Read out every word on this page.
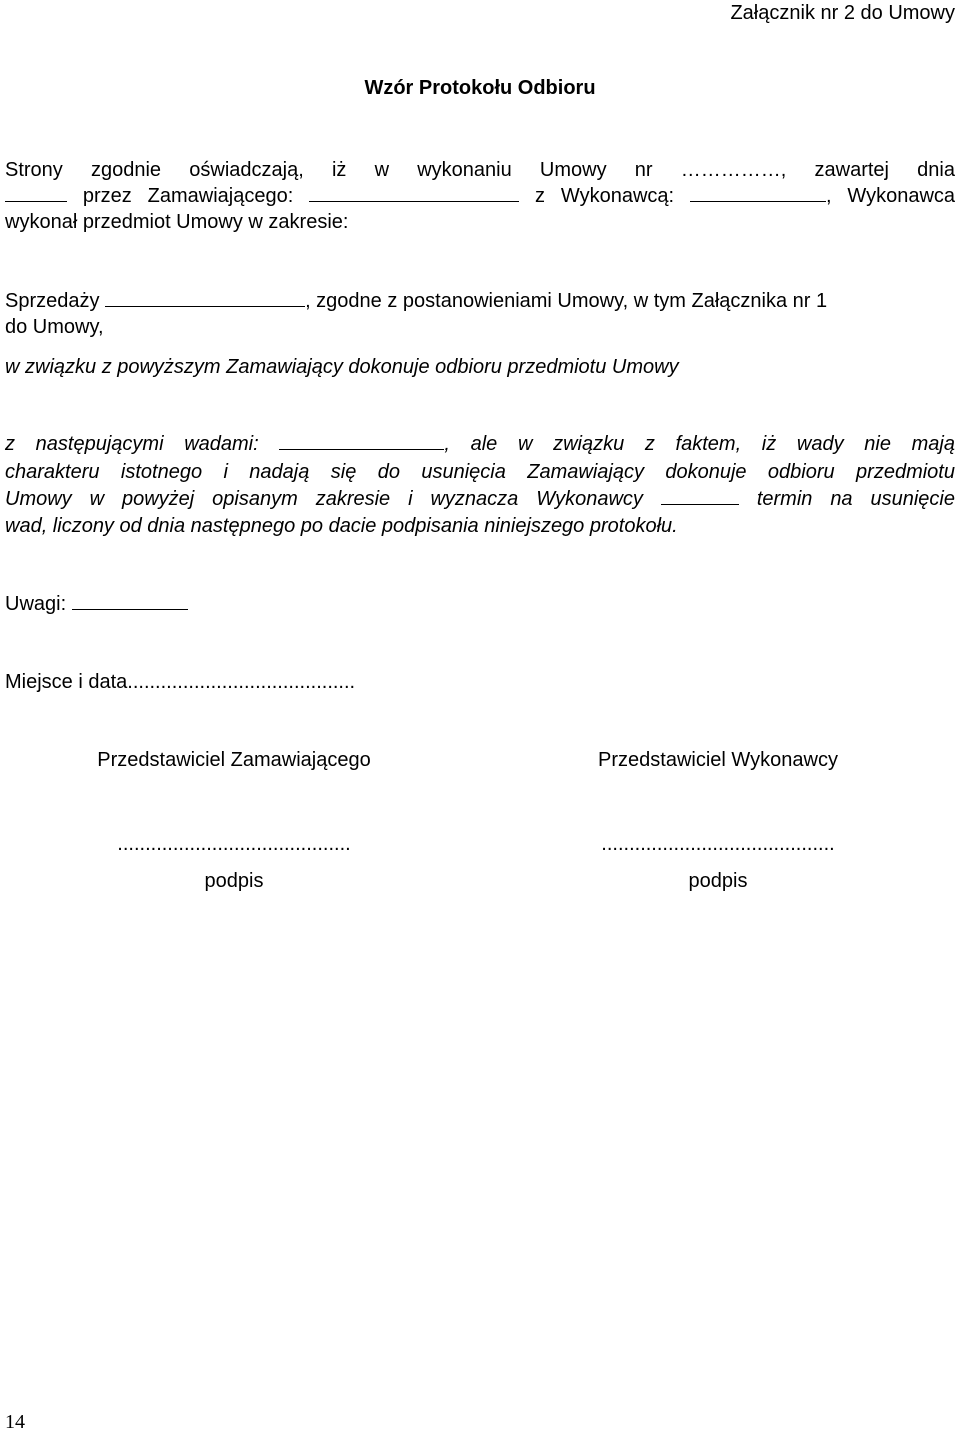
Załącznik nr 2 do Umowy
Wzór Protokołu Odbioru
Strony zgodnie oświadczają, iż w wykonaniu Umowy nr ……………, zawartej dnia
przez Zamawiającego:	z Wykonawcą:	, Wykonawca
wykonał przedmiot Umowy w zakresie:
Sprzedaży	, zgodne z postanowieniami Umowy, w tym Załącznika nr 1
do Umowy,
w związku z powyższym Zamawiający dokonuje odbioru przedmiotu Umowy
z następującymi wadami:	, ale w związku z faktem, iż wady nie mają
charakteru istotnego i nadają się do usunięcia Zamawiający dokonuje odbioru przedmiotu
Umowy w powyżej opisanym zakresie i wyznacza Wykonawcy	termin na usunięcie
wad, liczony od dnia następnego po dacie podpisania niniejszego protokołu.
Uwagi:
Miejsce i data.........................................
Przedstawiciel Zamawiającego	Przedstawiciel Wykonawcy
..........................................	..........................................
podpis	podpis
14
